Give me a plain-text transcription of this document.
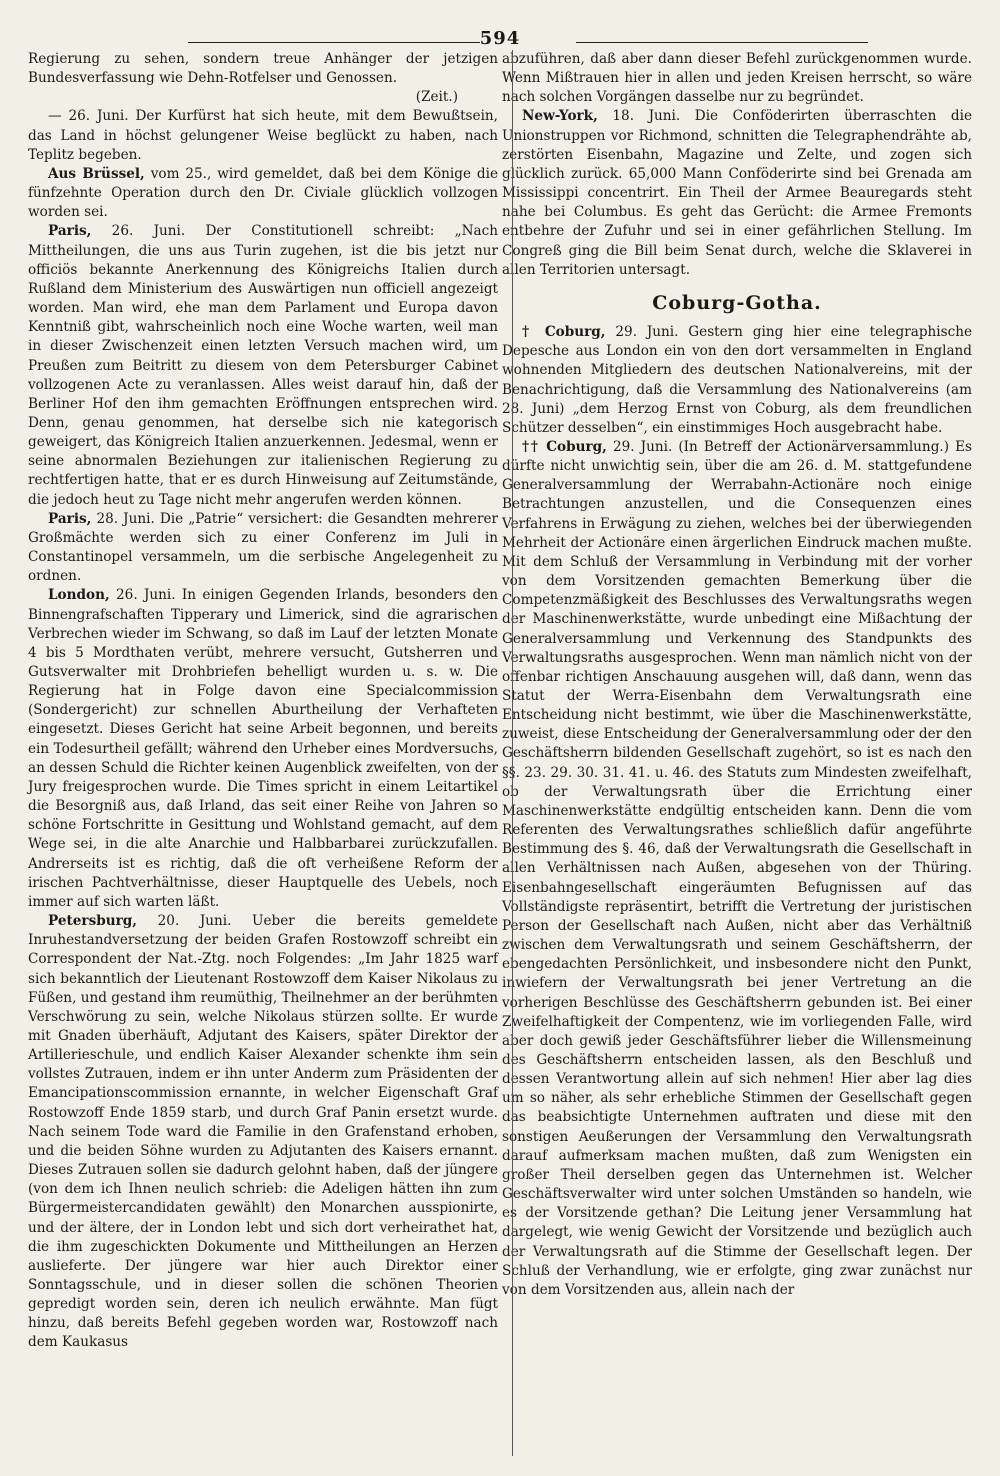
594

Regierung zu sehen, sondern treue Anhänger der jetzigen Bundesverfassung wie Dehn-Rotfelser und Genossen.

(Zeit.)

— 26. Juni. Der Kurfürst hat sich heute, mit dem Bewußtsein, das Land in höchst gelungener Weise beglückt zu haben, nach Teplitz begeben.

Aus Brüssel, vom 25., wird gemeldet, daß bei dem Könige die fünfzehnte Operation durch den Dr. Civiale glücklich vollzogen worden sei.

Paris, 26. Juni. Der Constitutionell schreibt: „Nach Mittheilungen, die uns aus Turin zugehen, ist die bis jetzt nur officiös bekannte Anerkennung des Königreichs Italien durch Rußland dem Ministerium des Auswärtigen nun officiell angezeigt worden. Man wird, ehe man dem Parlament und Europa davon Kenntniß gibt, wahrscheinlich noch eine Woche warten, weil man in dieser Zwischenzeit einen letzten Versuch machen wird, um Preußen zum Beitritt zu diesem von dem Petersburger Cabinet vollzogenen Acte zu veranlassen. Alles weist darauf hin, daß der Berliner Hof den ihm gemachten Eröffnungen entsprechen wird. Denn, genau genommen, hat derselbe sich nie kategorisch geweigert, das Königreich Italien anzuerkennen. Jedesmal, wenn er seine abnormalen Beziehungen zur italienischen Regierung zu rechtfertigen hatte, that er es durch Hinweisung auf Zeitumstände, die jedoch heut zu Tage nicht mehr angerufen werden können.

Paris, 28. Juni. Die „Patrie“ versichert: die Gesandten mehrerer Großmächte werden sich zu einer Conferenz im Juli in Constantinopel versammeln, um die serbische Angelegenheit zu ordnen.

London, 26. Juni. In einigen Gegenden Irlands, besonders den Binnengrafschaften Tipperary und Limerick, sind die agrarischen Verbrechen wieder im Schwang, so daß im Lauf der letzten Monate 4 bis 5 Mordthaten verübt, mehrere versucht, Gutsherren und Gutsverwalter mit Drohbriefen behelligt wurden u. s. w. Die Regierung hat in Folge davon eine Specialcommission (Sondergericht) zur schnellen Aburtheilung der Verhafteten eingesetzt. Dieses Gericht hat seine Arbeit begonnen, und bereits ein Todesurtheil gefällt; während den Urheber eines Mordversuchs, an dessen Schuld die Richter keinen Augenblick zweifelten, von der Jury freigesprochen wurde. Die Times spricht in einem Leitartikel die Besorgniß aus, daß Irland, das seit einer Reihe von Jahren so schöne Fortschritte in Gesittung und Wohlstand gemacht, auf dem Wege sei, in die alte Anarchie und Halbbarbarei zurückzufallen. Andrerseits ist es richtig, daß die oft verheißene Reform der irischen Pachtverhältnisse, dieser Hauptquelle des Uebels, noch immer auf sich warten läßt.

Petersburg, 20. Juni. Ueber die bereits gemeldete Inruhestandversetzung der beiden Grafen Rostowzoff schreibt ein Correspondent der Nat.-Ztg. noch Folgendes: „Im Jahr 1825 warf sich bekanntlich der Lieutenant Rostowzoff dem Kaiser Nikolaus zu Füßen, und gestand ihm reumüthig, Theilnehmer an der berühmten Verschwörung zu sein, welche Nikolaus stürzen sollte. Er wurde mit Gnaden überhäuft, Adjutant des Kaisers, später Direktor der Artillerieschule, und endlich Kaiser Alexander schenkte ihm sein vollstes Zutrauen, indem er ihn unter Anderm zum Präsidenten der Emancipationscommission ernannte, in welcher Eigenschaft Graf Rostowzoff Ende 1859 starb, und durch Graf Panin ersetzt wurde. Nach seinem Tode ward die Familie in den Grafenstand erhoben, und die beiden Söhne wurden zu Adjutanten des Kaisers ernannt. Dieses Zutrauen sollen sie dadurch gelohnt haben, daß der jüngere (von dem ich Ihnen neulich schrieb: die Adeligen hätten ihn zum Bürgermeistercandidaten gewählt) den Monarchen ausspionirte, und der ältere, der in London lebt und sich dort verheirathet hat, die ihm zugeschickten Dokumente und Mittheilungen an Herzen auslieferte. Der jüngere war hier auch Direktor einer Sonntagsschule, und in dieser sollen die schönen Theorien gepredigt worden sein, deren ich neulich erwähnte. Man fügt hinzu, daß bereits Befehl gegeben worden war, Rostowzoff nach dem Kaukasus

abzuführen, daß aber dann dieser Befehl zurückgenommen wurde. Wenn Mißtrauen hier in allen und jeden Kreisen herrscht, so wäre nach solchen Vorgängen dasselbe nur zu begründet.

New-York, 18. Juni. Die Conföderirten überraschten die Unionstruppen vor Richmond, schnitten die Telegraphendrähte ab, zerstörten Eisenbahn, Magazine und Zelte, und zogen sich glücklich zurück. 65,000 Mann Conföderirte sind bei Grenada am Mississippi concentrirt. Ein Theil der Armee Beauregards steht nahe bei Columbus. Es geht das Gerücht: die Armee Fremonts entbehre der Zufuhr und sei in einer gefährlichen Stellung. Im Congreß ging die Bill beim Senat durch, welche die Sklaverei in allen Territorien untersagt.

Coburg-Gotha.

† Coburg, 29. Juni. Gestern ging hier eine telegraphische Depesche aus London ein von den dort versammelten in England wohnenden Mitgliedern des deutschen Nationalvereins, mit der Benachrichtigung, daß die Versammlung des Nationalvereins (am 28. Juni) „dem Herzog Ernst von Coburg, als dem freundlichen Schützer desselben“, ein einstimmiges Hoch ausgebracht habe.

†† Coburg, 29. Juni. (In Betreff der Actionärversammlung.) Es dürfte nicht unwichtig sein, über die am 26. d. M. stattgefundene Generalversammlung der Werrabahn-Actionäre noch einige Betrachtungen anzustellen, und die Consequenzen eines Verfahrens in Erwägung zu ziehen, welches bei der überwiegenden Mehrheit der Actionäre einen ärgerlichen Eindruck machen mußte. Mit dem Schluß der Versammlung in Verbindung mit der vorher von dem Vorsitzenden gemachten Bemerkung über die Competenzmäßigkeit des Beschlusses des Verwaltungsraths wegen der Maschinenwerkstätte, wurde unbedingt eine Mißachtung der Generalversammlung und Verkennung des Standpunkts des Verwaltungsraths ausgesprochen. Wenn man nämlich nicht von der offenbar richtigen Anschauung ausgehen will, daß dann, wenn das Statut der Werra-Eisenbahn dem Verwaltungsrath eine Entscheidung nicht bestimmt, wie über die Maschinenwerkstätte, zuweist, diese Entscheidung der Generalversammlung oder der den Geschäftsherrn bildenden Gesellschaft zugehört, so ist es nach den §§. 23. 29. 30. 31. 41. u. 46. des Statuts zum Mindesten zweifelhaft, ob der Verwaltungsrath über die Errichtung einer Maschinenwerkstätte endgültig entscheiden kann. Denn die vom Referenten des Verwaltungsrathes schließlich dafür angeführte Bestimmung des §. 46, daß der Verwaltungsrath die Gesellschaft in allen Verhältnissen nach Außen, abgesehen von der Thüring. Eisenbahngesellschaft eingeräumten Befugnissen auf das Vollständigste repräsentirt, betrifft die Vertretung der juristischen Person der Gesellschaft nach Außen, nicht aber das Verhältniß zwischen dem Verwaltungsrath und seinem Geschäftsherrn, der ebengedachten Persönlichkeit, und insbesondere nicht den Punkt, inwiefern der Verwaltungsrath bei jener Vertretung an die vorherigen Beschlüsse des Geschäftsherrn gebunden ist. Bei einer Zweifelhaftigkeit der Compentenz, wie im vorliegenden Falle, wird aber doch gewiß jeder Geschäftsführer lieber die Willensmeinung des Geschäftsherrn entscheiden lassen, als den Beschluß und dessen Verantwortung allein auf sich nehmen! Hier aber lag dies um so näher, als sehr erhebliche Stimmen der Gesellschaft gegen das beabsichtigte Unternehmen auftraten und diese mit den sonstigen Aeußerungen der Versammlung den Verwaltungsrath darauf aufmerksam machen mußten, daß zum Wenigsten ein großer Theil derselben gegen das Unternehmen ist. Welcher Geschäftsverwalter wird unter solchen Umständen so handeln, wie es der Vorsitzende gethan? Die Leitung jener Versammlung hat dargelegt, wie wenig Gewicht der Vorsitzende und bezüglich auch der Verwaltungsrath auf die Stimme der Gesellschaft legen. Der Schluß der Verhandlung, wie er erfolgte, ging zwar zunächst nur von dem Vorsitzenden aus, allein nach der
